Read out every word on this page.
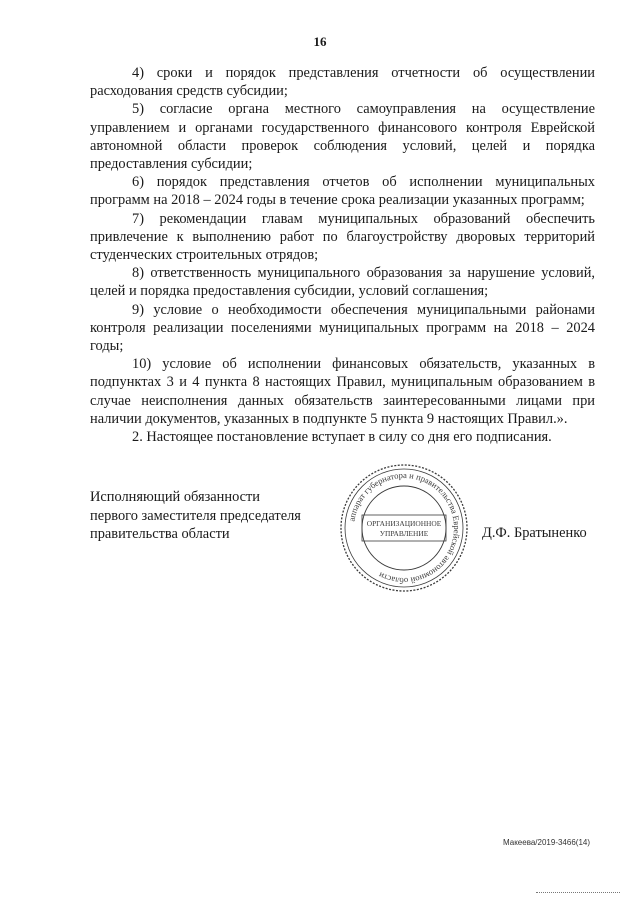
16

4) сроки и порядок представления отчетности об осуществлении расходования средств субсидии;

5) согласие органа местного самоуправления на осуществление управлением и органами государственного финансового контроля Еврейской автономной области проверок соблюдения условий, целей и порядка предоставления субсидии;

6) порядок представления отчетов об исполнении муниципальных программ на 2018 – 2024 годы в течение срока реализации указанных программ;

7) рекомендации главам муниципальных образований обеспечить привлечение к выполнению работ по благоустройству дворовых территорий студенческих строительных отрядов;

8) ответственность муниципального образования за нарушение условий, целей и порядка предоставления субсидии, условий соглашения;

9) условие о необходимости обеспечения муниципальными районами контроля реализации поселениями муниципальных программ на 2018 – 2024 годы;

10) условие об исполнении финансовых обязательств, указанных в подпунктах 3 и 4 пункта 8 настоящих Правил, муниципальным образованием в случае неисполнения данных обязательств заинтересованными лицами при наличии документов, указанных в подпункте 5 пункта 9 настоящих Правил.».

2. Настоящее постановление вступает в силу со дня его подписания.

Исполняющий обязанности
первого заместителя председателя
правительства области	Д.Ф. Братыненко
аппарат губернатора и правительства Еврейской автономной области
ОРГАНИЗАЦИОННОЕ
УПРАВЛЕНИЕ
Макеева/2019-3466(14)
